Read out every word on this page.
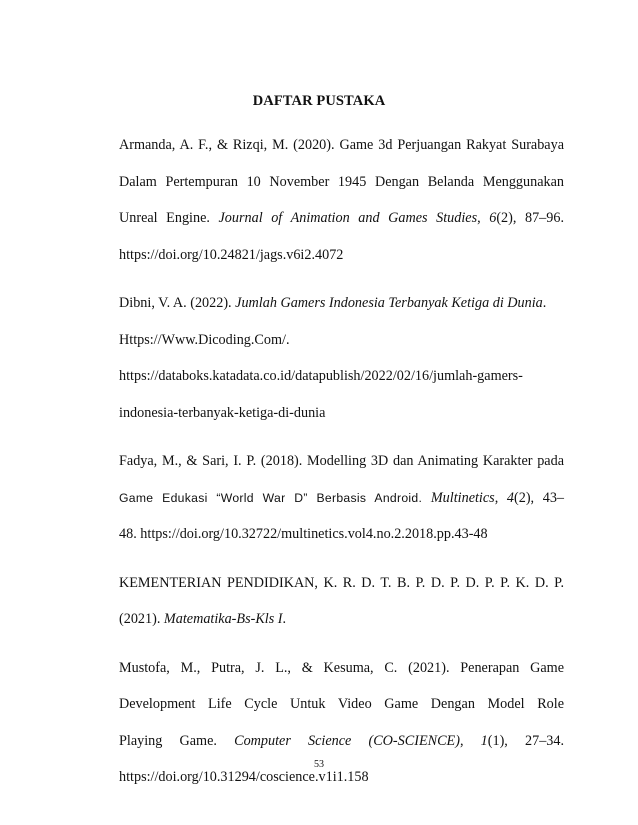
DAFTAR PUSTAKA
Armanda, A. F., & Rizqi, M. (2020). Game 3d Perjuangan Rakyat Surabaya
Dalam Pertempuran 10 November 1945 Dengan Belanda Menggunakan
Unreal Engine. Journal of Animation and Games Studies, 6(2), 87–96.
https://doi.org/10.24821/jags.v6i2.4072
Dibni, V. A. (2022). Jumlah Gamers Indonesia Terbanyak Ketiga di Dunia.
Https://Www.Dicoding.Com/.
https://databoks.katadata.co.id/datapublish/2022/02/16/jumlah-gamers-
indonesia-terbanyak-ketiga-di-dunia
Fadya, M., & Sari, I. P. (2018). Modelling 3D dan Animating Karakter pada
Game Edukasi “World War D” Berbasis Android. Multinetics, 4(2), 43–
48. https://doi.org/10.32722/multinetics.vol4.no.2.2018.pp.43-48
KEMENTERIAN PENDIDIKAN, K. R. D. T. B. P. D. P. D. P. P. K. D. P.
(2021). Matematika-Bs-Kls I.
Mustofa, M., Putra, J. L., & Kesuma, C. (2021). Penerapan Game
Development Life Cycle Untuk Video Game Dengan Model Role
Playing Game. Computer Science (CO-SCIENCE), 1(1), 27–34.
https://doi.org/10.31294/coscience.v1i1.158
53
